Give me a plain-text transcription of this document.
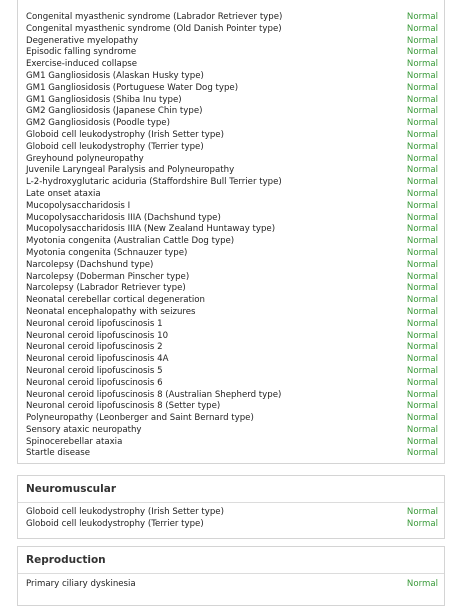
Congenital myasthenic syndrome (Labrador Retriever type)	Normal
Congenital myasthenic syndrome (Old Danish Pointer type)	Normal
Degenerative myelopathy	Normal
Episodic falling syndrome	Normal
Exercise-induced collapse	Normal
GM1 Gangliosidosis (Alaskan Husky type)	Normal
GM1 Gangliosidosis (Portuguese Water Dog type)	Normal
GM1 Gangliosidosis (Shiba Inu type)	Normal
GM2 Gangliosidosis (Japanese Chin type)	Normal
GM2 Gangliosidosis (Poodle type)	Normal
Globoid cell leukodystrophy (Irish Setter type)	Normal
Globoid cell leukodystrophy (Terrier type)	Normal
Greyhound polyneuropathy	Normal
Juvenile Laryngeal Paralysis and Polyneuropathy	Normal
L-2-hydroxyglutaric aciduria (Staffordshire Bull Terrier type)	Normal
Late onset ataxia	Normal
Mucopolysaccharidosis I	Normal
Mucopolysaccharidosis IIIA (Dachshund type)	Normal
Mucopolysaccharidosis IIIA (New Zealand Huntaway type)	Normal
Myotonia congenita (Australian Cattle Dog type)	Normal
Myotonia congenita (Schnauzer type)	Normal
Narcolepsy (Dachshund type)	Normal
Narcolepsy (Doberman Pinscher type)	Normal
Narcolepsy (Labrador Retriever type)	Normal
Neonatal cerebellar cortical degeneration	Normal
Neonatal encephalopathy with seizures	Normal
Neuronal ceroid lipofuscinosis 1	Normal
Neuronal ceroid lipofuscinosis 10	Normal
Neuronal ceroid lipofuscinosis 2	Normal
Neuronal ceroid lipofuscinosis 4A	Normal
Neuronal ceroid lipofuscinosis 5	Normal
Neuronal ceroid lipofuscinosis 6	Normal
Neuronal ceroid lipofuscinosis 8 (Australian Shepherd type)	Normal
Neuronal ceroid lipofuscinosis 8 (Setter type)	Normal
Polyneuropathy (Leonberger and Saint Bernard type)	Normal
Sensory ataxic neuropathy	Normal
Spinocerebellar ataxia	Normal
Startle disease	Normal
Neuromuscular
Globoid cell leukodystrophy (Irish Setter type)	Normal
Globoid cell leukodystrophy (Terrier type)	Normal
Reproduction
Primary ciliary dyskinesia	Normal
